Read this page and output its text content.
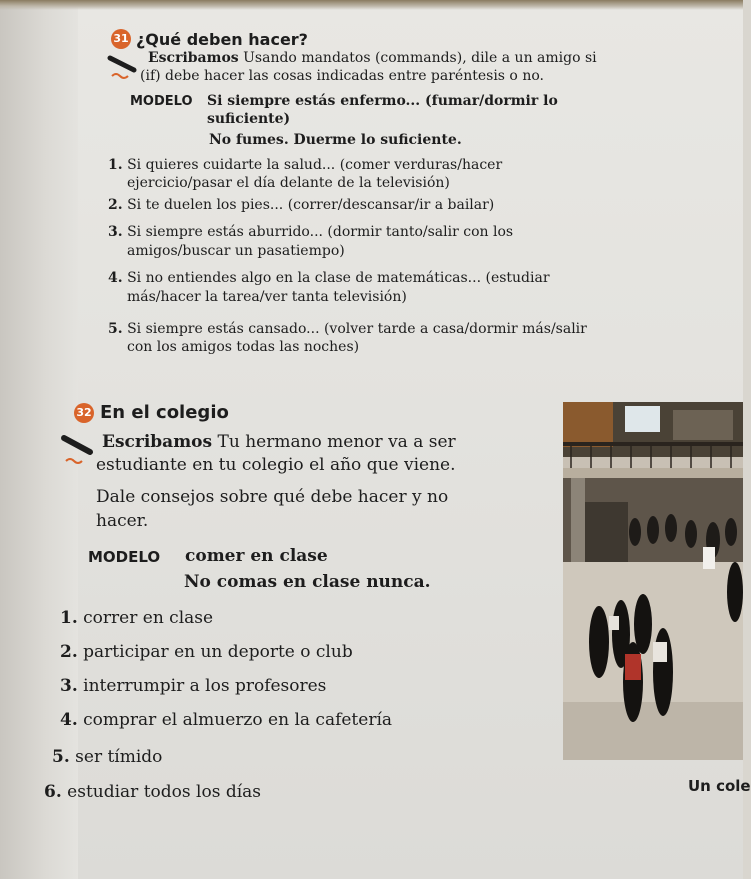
31 ¿Qué deben hacer?
Escribamos Usando mandatos (commands), dile a un amigo si
(if) debe hacer las cosas indicadas entre paréntesis o no.
MODELO Si siempre estás enfermo... (fumar/dormir lo
suficiente)
No fumes. Duerme lo suficiente.
1. Si quieres cuidarte la salud... (comer verduras/hacer
ejercicio/pasar el día delante de la televisión)
2. Si te duelen los pies... (correr/descansar/ir a bailar)
3. Si siempre estás aburrido... (dormir tanto/salir con los
amigos/buscar un pasatiempo)
4. Si no entiendes algo en la clase de matemáticas... (estudiar
más/hacer la tarea/ver tanta televisión)
5. Si siempre estás cansado... (volver tarde a casa/dormir más/salir
con los amigos todas las noches)
32 En el colegio
Escribamos Tu hermano menor va a ser
estudiante en tu colegio el año que viene.
Dale consejos sobre qué debe hacer y no
hacer.
MODELO comer en clase
No comas en clase nunca.
1. correr en clase
2. participar en un deporte o club
3. interrumpir a los profesores
4. comprar el almuerzo en la cafetería
5. ser tímido
6. estudiar todos los días	Un cole
